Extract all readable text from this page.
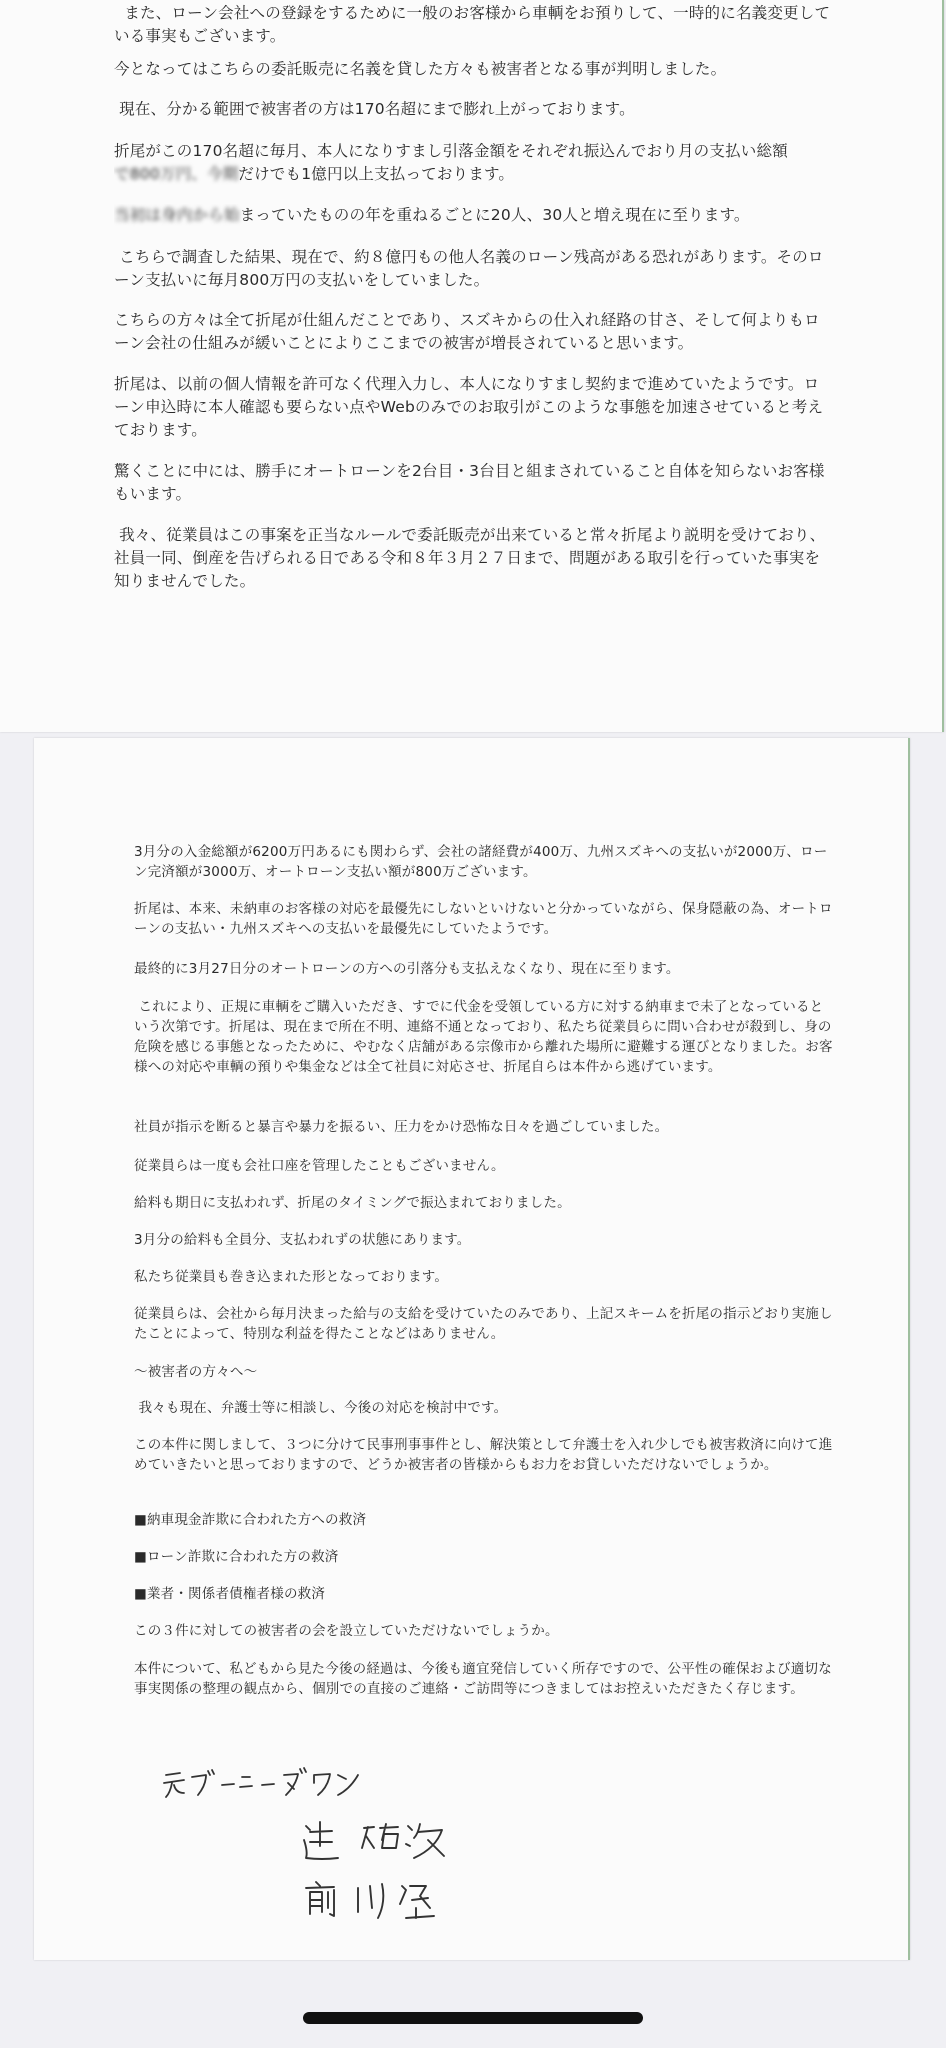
また、ローン会社への登録をするために一般のお客様から車輌をお預りして、一時的に名義変更している事実もございます。

今となってはこちらの委託販売に名義を貸した方々も被害者となる事が判明しました。

現在、分かる範囲で被害者の方は170名超にまで膨れ上がっております。

折尾がこの170名超に毎月、本人になりすまし引落金額をそれぞれ振込んでおり月の支払い総額
で800万円、今期だけでも1億円以上支払っております。

当初は身内から始まっていたものの年を重ねるごとに20人、30人と増え現在に至ります。

こちらで調査した結果、現在で、約８億円もの他人名義のローン残高がある恐れがあります。そのローン支払いに毎月800万円の支払いをしていました。

こちらの方々は全て折尾が仕組んだことであり、スズキからの仕入れ経路の甘さ、そして何よりもローン会社の仕組みが緩いことによりここまでの被害が増長されていると思います。

折尾は、以前の個人情報を許可なく代理入力し、本人になりすまし契約まで進めていたようです。ローン申込時に本人確認も要らない点やWebのみでのお取引がこのような事態を加速させていると考えております。

驚くことに中には、勝手にオートローンを2台目・3台目と組まされていること自体を知らないお客様もいます。

我々、従業員はこの事案を正当なルールで委託販売が出来ていると常々折尾より説明を受けており、社員一同、倒産を告げられる日である令和８年３月２７日まで、問題がある取引を行っていた事実を知りませんでした。

3月分の入金総額が6200万円あるにも関わらず、会社の諸経費が400万、九州スズキへの支払いが2000万、ローン完済額が3000万、オートローン支払い額が800万ございます。

折尾は、本来、未納車のお客様の対応を最優先にしないといけないと分かっていながら、保身隠蔽の為、オートローンの支払い・九州スズキへの支払いを最優先にしていたようです。

最終的に3月27日分のオートローンの方への引落分も支払えなくなり、現在に至ります。

これにより、正規に車輌をご購入いただき、すでに代金を受領している方に対する納車まで未了となっているという次第です。折尾は、現在まで所在不明、連絡不通となっており、私たち従業員らに問い合わせが殺到し、身の危険を感じる事態となったために、やむなく店舗がある宗像市から離れた場所に避難する運びとなりました。お客様への対応や車輌の預りや集金などは全て社員に対応させ、折尾自らは本件から逃げています。

社員が指示を断ると暴言や暴力を振るい、圧力をかけ恐怖な日々を過ごしていました。

従業員らは一度も会社口座を管理したこともございません。

給料も期日に支払われず、折尾のタイミングで振込まれておりました。

3月分の給料も全員分、支払われずの状態にあります。

私たち従業員も巻き込まれた形となっております。

従業員らは、会社から毎月決まった給与の支給を受けていたのみであり、上記スキームを折尾の指示どおり実施したことによって、特別な利益を得たことなどはありません。

〜被害者の方々へ〜

我々も現在、弁護士等に相談し、今後の対応を検討中です。

この本件に関しまして、３つに分けて民事刑事事件とし、解決策として弁護士を入れ少しでも被害救済に向けて進めていきたいと思っておりますので、どうか被害者の皆様からもお力をお貸しいただけないでしょうか。

■納車現金詐欺に合われた方への救済

■ローン詐欺に合われた方の救済

■業者・関係者債権者様の救済

この３件に対しての被害者の会を設立していただけないでしょうか。

本件について、私どもから見た今後の経過は、今後も適宜発信していく所存ですので、公平性の確保および適切な事実関係の整理の観点から、個別での直接のご連絡・ご訪問等につきましてはお控えいただきたく存じます。
